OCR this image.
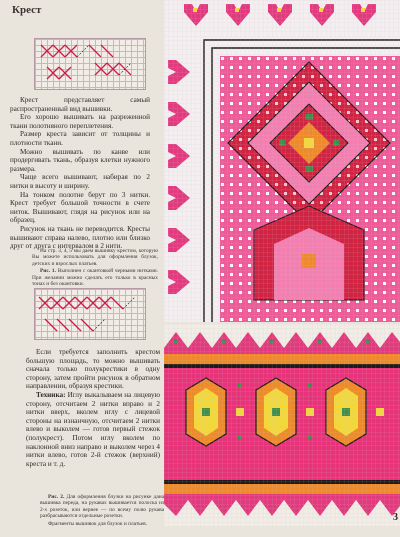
Крест

Крест представляет самый распространенный вид вышивки.

Его хорошо вышивать на разреженной ткани полотняного переплетения.

Размер креста зависит от толщины и плотности ткани.

Можно вышивать по канве или продергивать ткань, образуя клетки нужного размера.

Чаще всего вышивают, набирая по 2 нитки в высоту и ширину.

На тонком полотне берут по 3 нитки. Крест требует большой точности в счете ниток. Вышивают, глядя на рисунок или на образец.

Рисунок на ткань не переводится. Кресты вышивают справа налево, плотно или близко друг от друга с интервалом в 2 нити.

На стр. 3, 4, 5 мы даем вышивку крестом, которую Вы можете использовать для оформления блузок, детских и взрослых платьев.

Рис. 1. Выполнен с окантовкой черными нитками. При желании можно сделать его только в красных тонах и без окантовки.

Если требуется заполнить крестом большую площадь, то можно вышивать сначала только полукрестики в одну сторону, затем пройти рисунок в обратном направлении, образуя крестики.

Техника: Иглу выкалываем на лицевую сторону, отсчитаем 2 нитки вправо и 2 нитки вверх, вколем иглу с лицевой стороны на изнанчную, отсчитаем 2 нитки влево и выколем — готов первый стежок (полукрест). Потом иглу вколем по наклонной вниз направо и выколем через 4 нитки влево, готов 2-й стежок (верхний) креста и т. д.

Рис. 2. Для оформления блузки на рисунке дана вышивка переда, на рукавах вышивается полоска из 2-х розеток, или вернее — по всему полю рукава разбрасываются отдельные розетки.

Фрагменты вышивок для блузок и платьев.

3
